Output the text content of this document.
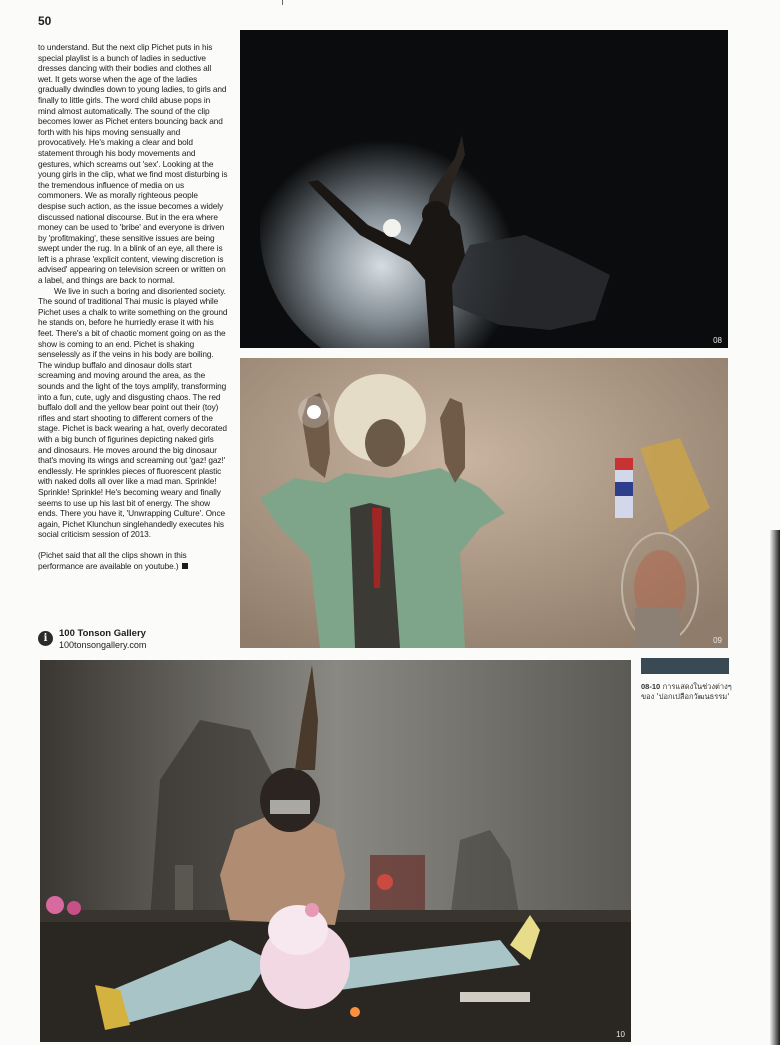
50

to understand. But the next clip Pichet puts in his special playlist is a bunch of ladies in seductive dresses dancing with their bodies and clothes all wet. It gets worse when the age of the ladies gradually dwindles down to young ladies, to girls and finally to little girls. The word child abuse pops in mind almost automatically. The sound of the clip becomes lower as Pichet enters bouncing back and forth with his hips moving sensually and provocatively. He's making a clear and bold statement through his body movements and gestures, which screams out 'sex'. Looking at the young girls in the clip, what we find most disturbing is the tremendous influence of media on us commoners. We as morally righteous people despise such action, as the issue becomes a widely discussed national discourse. But in the era where money can be used to 'bribe' and everyone is driven by 'profitmaking', these sensitive issues are being swept under the rug. In a blink of an eye, all there is left is a phrase 'explicit content, viewing discretion is advised' appearing on television screen or written on a label, and things are back to normal.

We live in such a boring and disoriented society. The sound of traditional Thai music is played while Pichet uses a chalk to write something on the ground he stands on, before he hurriedly erase it with his feet. There's a bit of chaotic moment going on as the show is coming to an end. Pichet is shaking senselessly as if the veins in his body are boiling. The windup buffalo and dinosaur dolls start screaming and moving around the area, as the sounds and the light of the toys amplify, transforming into a fun, cute, ugly and disgusting chaos. The red buffalo doll and the yellow bear point out their (toy) rifles and start shooting to different corners of the stage. Pichet is back wearing a hat, overly decorated with a big bunch of figurines depicting naked girls and dinosaurs. He moves around the big dinosaur that's moving its wings and screaming out 'gaz! gaz!' endlessly. He sprinkles pieces of fluorescent plastic with naked dolls all over like a mad man. Sprinkle! Sprinkle! Sprinkle! He's becoming weary and finally seems to use up his last bit of energy. The show ends. There you have it, 'Unwrapping Culture'. Once again, Pichet Klunchun singlehandedly executes his social criticism session of 2013.

(Pichet said that all the clips shown in this performance are available on youtube.)

08
09
i	100 Tonson Gallery
100tonsongallery.com
10
08-10 การแสดงในช่วงต่างๆ ของ 'ปอกเปลือกวัฒนธรรม'
